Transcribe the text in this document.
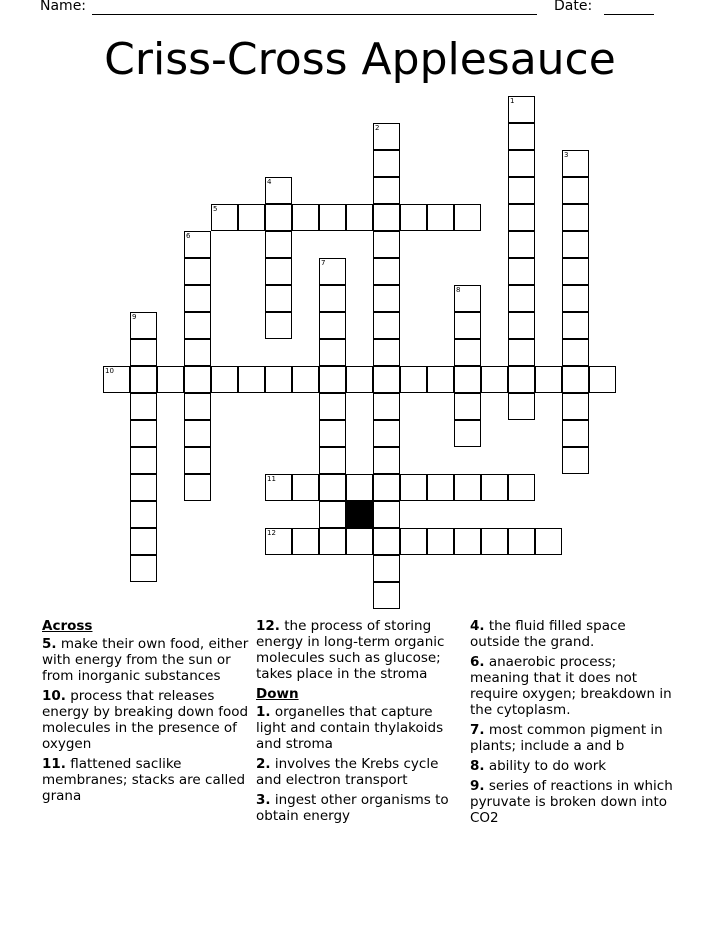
Name:	Date:
Criss-Cross Applesauce
1
2
3
4
5
6
7
8
9
10
11
12
Across
5. make their own food, either with energy from the sun or from inorganic substances
10. process that releases energy by breaking down food molecules in the presence of oxygen
11. flattened saclike membranes; stacks are called grana
12. the process of storing energy in long-term organic molecules such as glucose; takes place in the stroma
Down
1. organelles that capture light and contain thylakoids and stroma
2. involves the Krebs cycle and electron transport
3. ingest other organisms to obtain energy
4. the fluid filled space outside the grand.
6. anaerobic process; meaning that it does not require oxygen; breakdown in the cytoplasm.
7. most common pigment in plants; include a and b
8. ability to do work
9. series of reactions in which pyruvate is broken down into CO2
